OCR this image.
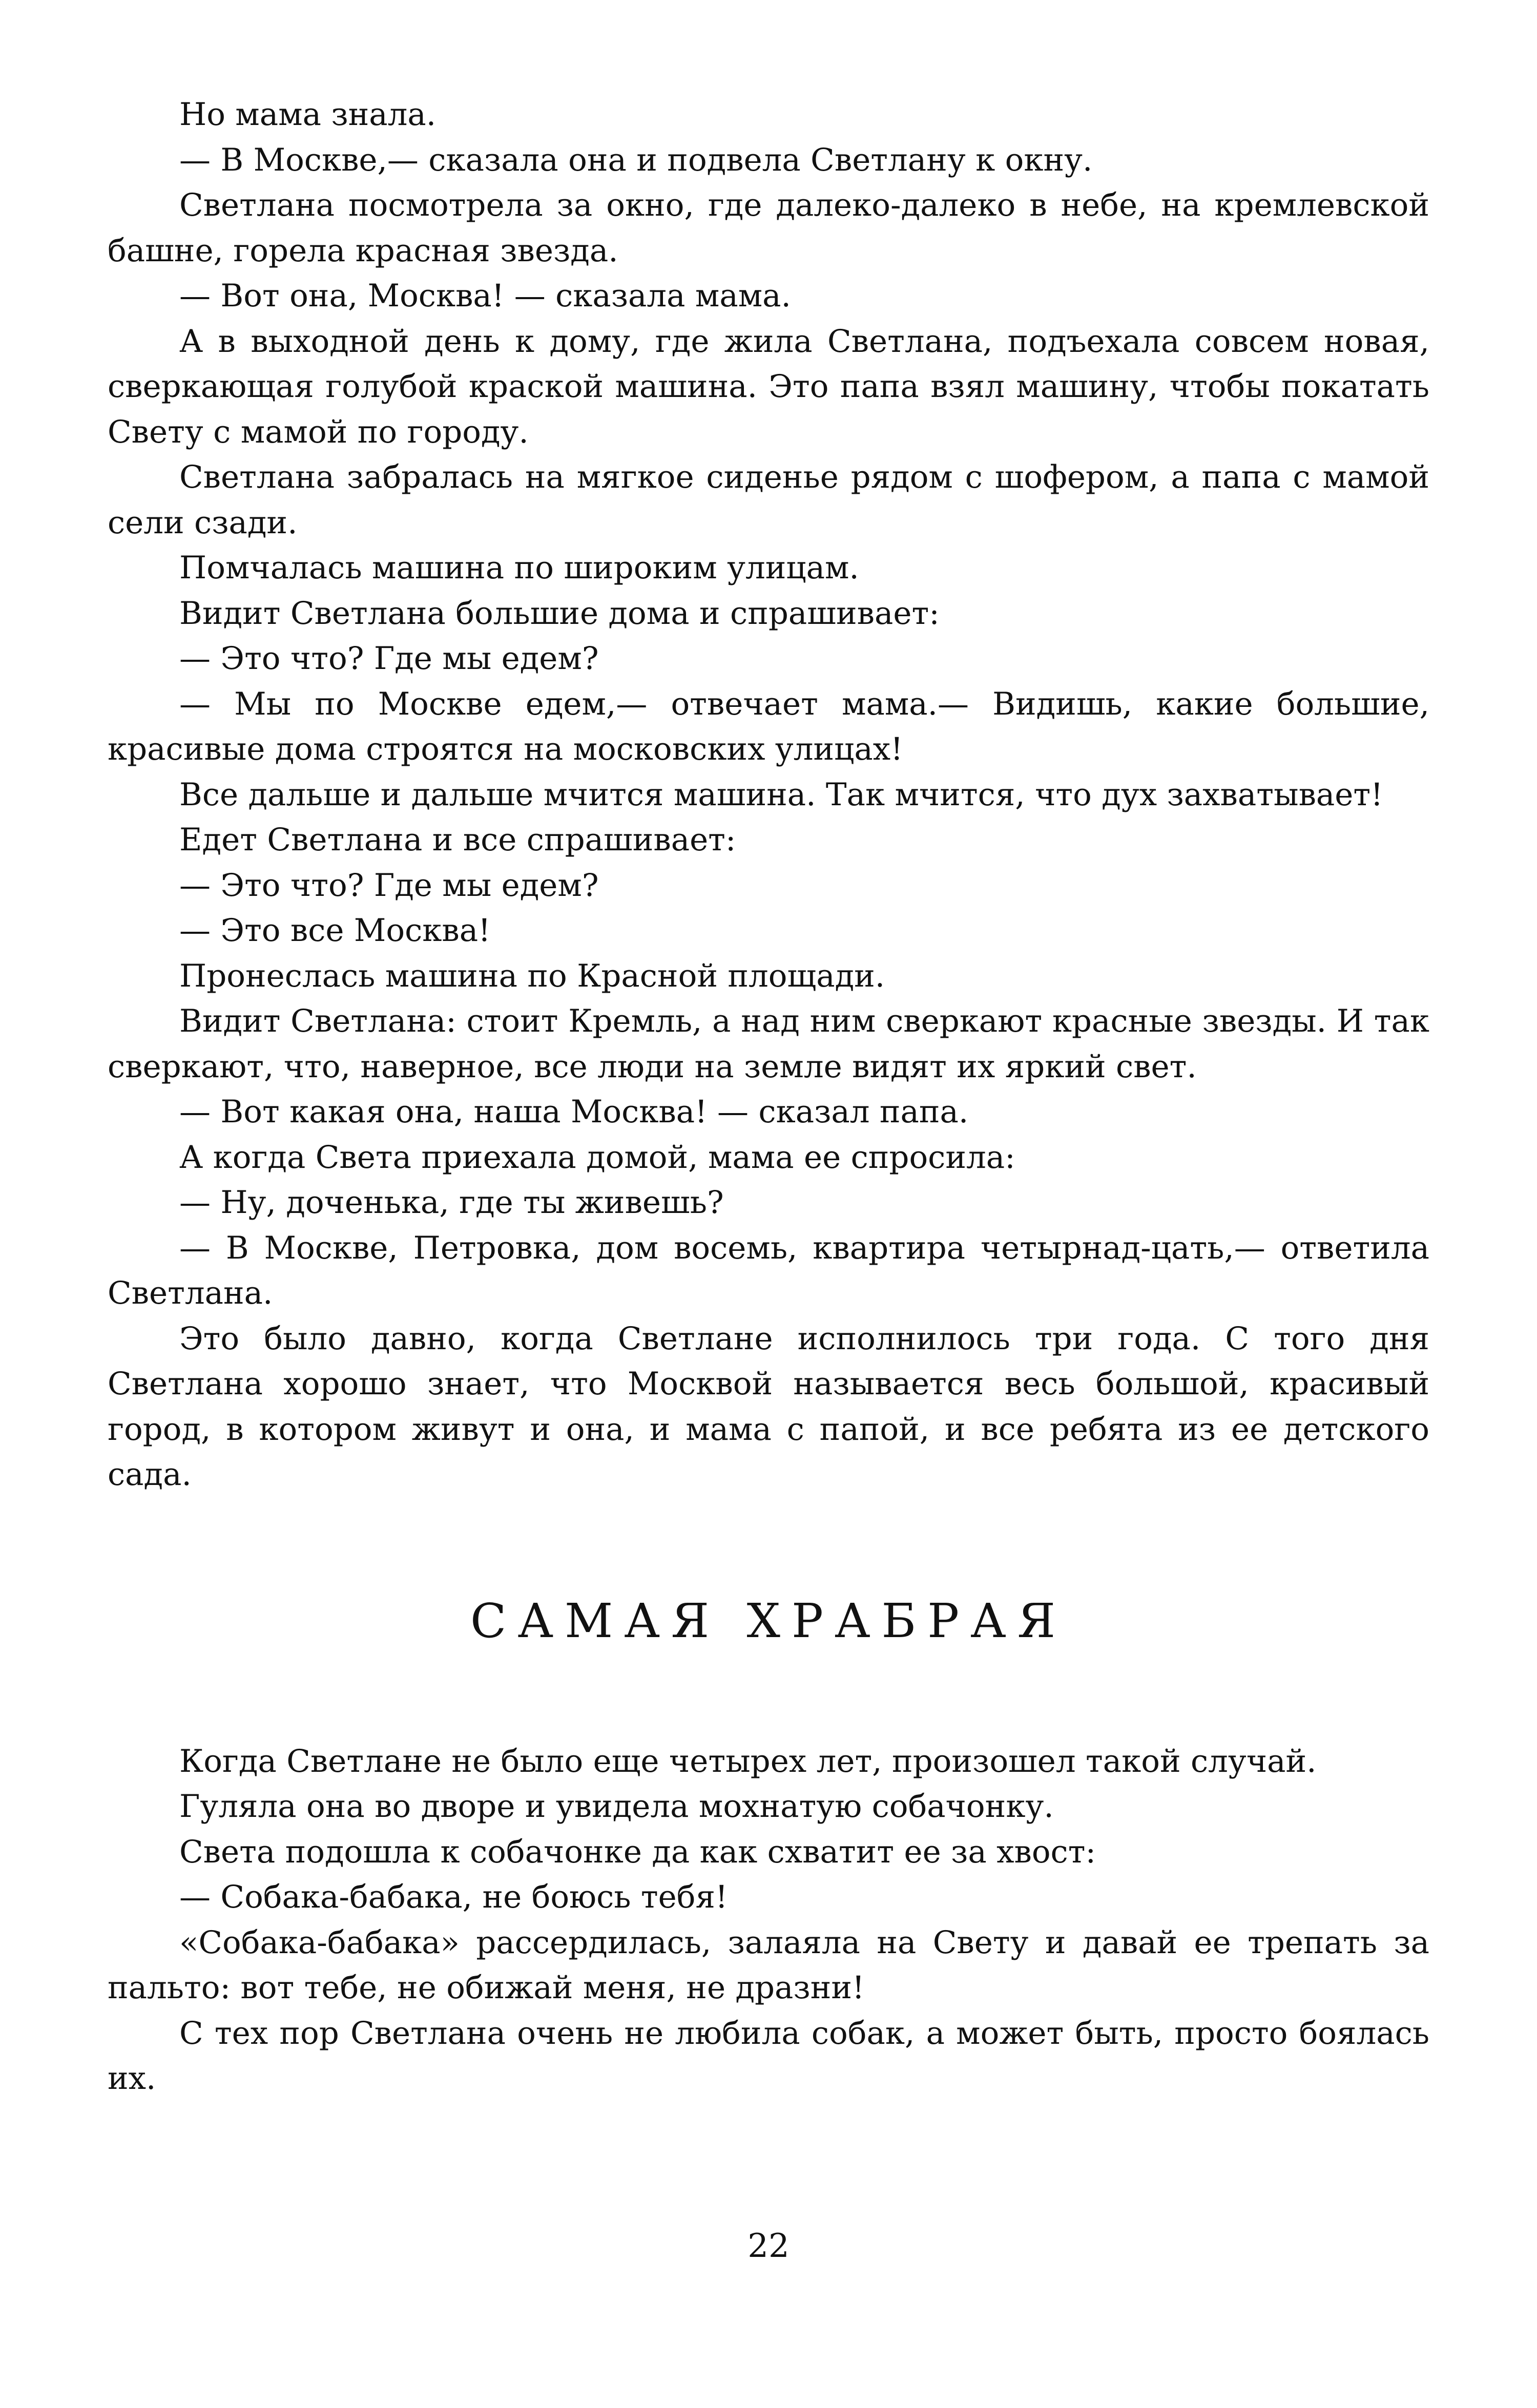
Но мама знала.

— В Москве,— сказала она и подвела Светлану к окну.

Светлана посмотрела за окно, где далеко-далеко в небе, на кремлевской башне, горела красная звезда.

— Вот она, Москва! — сказала мама.

А в выходной день к дому, где жила Светлана, подъехала совсем новая, сверкающая голубой краской машина. Это папа взял машину, чтобы покатать Свету с мамой по городу.

Светлана забралась на мягкое сиденье рядом с шофером, а папа с мамой сели сзади.

Помчалась машина по широким улицам.

Видит Светлана большие дома и спрашивает:

— Это что? Где мы едем?

— Мы по Москве едем,— отвечает мама.— Видишь, какие большие, красивые дома строятся на московских улицах!

Все дальше и дальше мчится машина. Так мчится, что дух захватывает!

Едет Светлана и все спрашивает:

— Это что? Где мы едем?

— Это все Москва!

Пронеслась машина по Красной площади.

Видит Светлана: стоит Кремль, а над ним сверкают красные звезды. И так сверкают, что, наверное, все люди на земле видят их яркий свет.

— Вот какая она, наша Москва! — сказал папа.

А когда Света приехала домой, мама ее спросила:

— Ну, доченька, где ты живешь?

— В Москве, Петровка, дом восемь, квартира четырнад-цать,— ответила Светлана.

Это было давно, когда Светлане исполнилось три года. С того дня Светлана хорошо знает, что Москвой называется весь большой, красивый город, в котором живут и она, и мама с папой, и все ребята из ее детского сада.

САМАЯ ХРАБРАЯ

Когда Светлане не было еще четырех лет, произошел такой случай.

Гуляла она во дворе и увидела мохнатую собачонку.

Света подошла к собачонке да как схватит ее за хвост:

— Собака-бабака, не боюсь тебя!

«Собака-бабака» рассердилась, залаяла на Свету и давай ее трепать за пальто: вот тебе, не обижай меня, не дразни!

С тех пор Светлана очень не любила собак, а может быть, просто боялась их.

22
